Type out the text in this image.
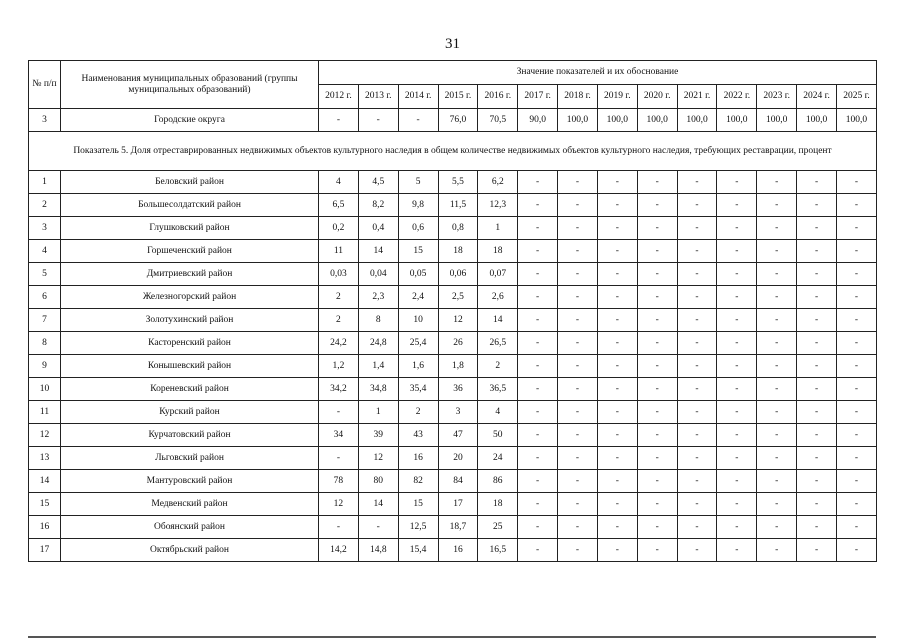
31
№ п/п	Наименования муниципальных образований (группы муниципальных образований)	Значение показателей и их обоснование													
		2012 г.	2013 г.	2014 г.	2015 г.	2016 г.	2017 г.	2018 г.	2019 г.	2020 г.	2021 г.	2022 г.	2023 г.	2024 г.	2025 г.
3	Городские округа	-	-	-	76,0	70,5	90,0	100,0	100,0	100,0	100,0	100,0	100,0	100,0	100,0
Показатель 5. Доля отреставрированных недвижимых объектов культурного наследия в общем количестве недвижимых объектов культурного наследия, требующих реставрации, процент															
1	Беловский район	4	4,5	5	5,5	6,2	-	-	-	-	-	-	-	-	-
2	Большесолдатский район	6,5	8,2	9,8	11,5	12,3	-	-	-	-	-	-	-	-	-
3	Глушковский район	0,2	0,4	0,6	0,8	1	-	-	-	-	-	-	-	-	-
4	Горшеченский район	11	14	15	18	18	-	-	-	-	-	-	-	-	-
5	Дмитриевский район	0,03	0,04	0,05	0,06	0,07	-	-	-	-	-	-	-	-	-
6	Железногорский район	2	2,3	2,4	2,5	2,6	-	-	-	-	-	-	-	-	-
7	Золотухинский район	2	8	10	12	14	-	-	-	-	-	-	-	-	-
8	Касторенский район	24,2	24,8	25,4	26	26,5	-	-	-	-	-	-	-	-	-
9	Конышевский район	1,2	1,4	1,6	1,8	2	-	-	-	-	-	-	-	-	-
10	Кореневский район	34,2	34,8	35,4	36	36,5	-	-	-	-	-	-	-	-	-
11	Курский район	-	1	2	3	4	-	-	-	-	-	-	-	-	-
12	Курчатовский район	34	39	43	47	50	-	-	-	-	-	-	-	-	-
13	Льговский район	-	12	16	20	24	-	-	-	-	-	-	-	-	-
14	Мантуровский район	78	80	82	84	86	-	-	-	-	-	-	-	-	-
15	Медвенский район	12	14	15	17	18	-	-	-	-	-	-	-	-	-
16	Обоянский район	-	-	12,5	18,7	25	-	-	-	-	-	-	-	-	-
17	Октябрьский район	14,2	14,8	15,4	16	16,5	-	-	-	-	-	-	-	-	-
